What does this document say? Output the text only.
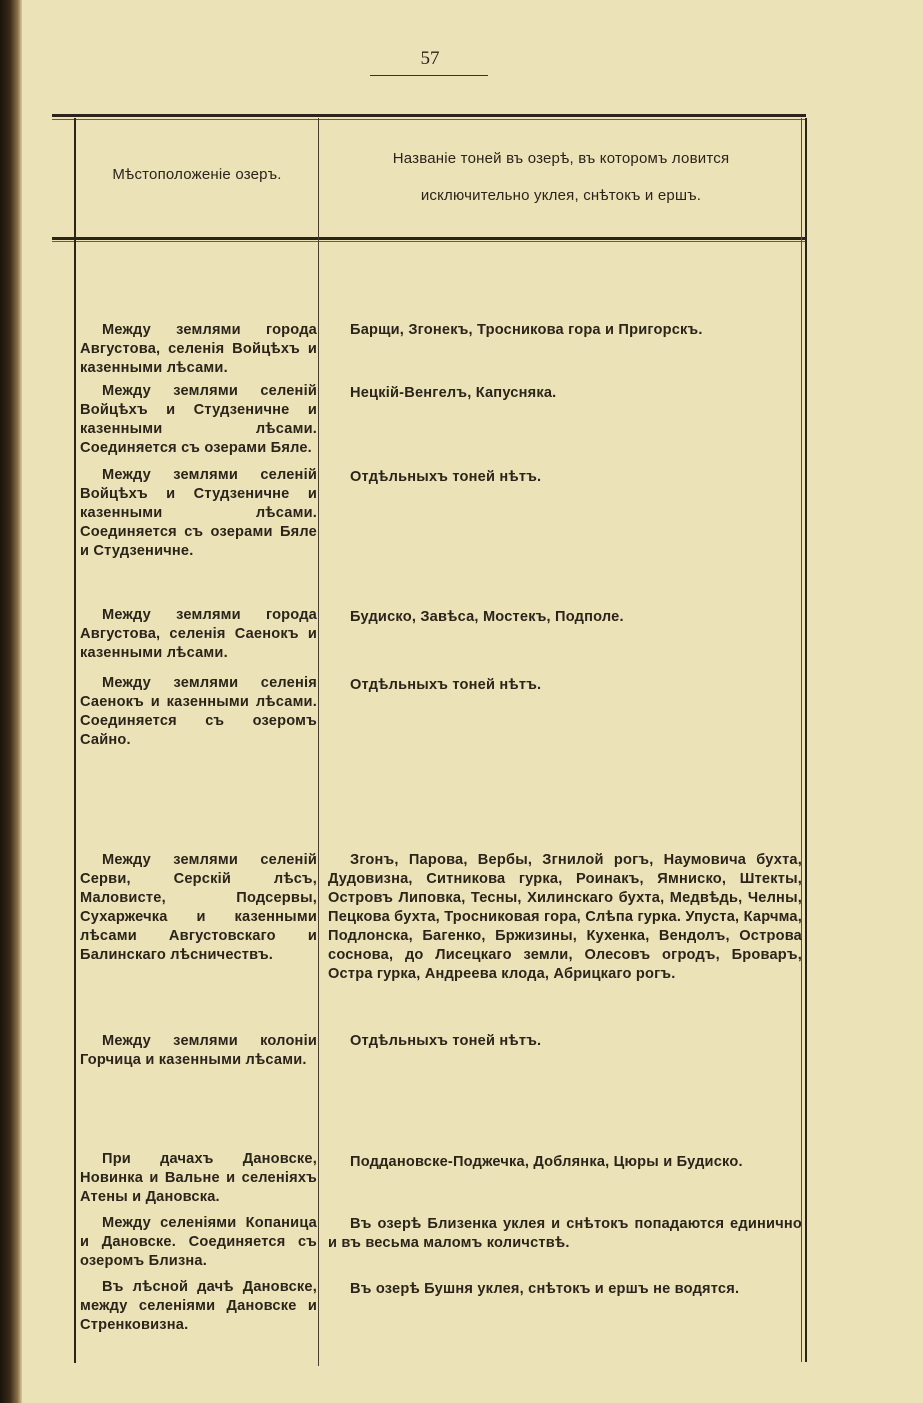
57
Мѣстоположеніе озеръ.
Названіе тоней въ озерѣ, въ которомъ ловится
исключительно уклея, снѣтокъ и ершъ.
Между землями города Августова, селенія Войцѣхъ и казенными лѣсами.
Барщи, Згонекъ, Тросникова гора и Пригорскъ.
Между землями селеній Войцѣхъ и Студзеничне и казенными лѣсами. Соединяется съ озерами Бяле.
Нецкій-Венгелъ, Капусняка.
Между землями селеній Войцѣхъ и Студзеничне и казенными лѣсами. Соединяется съ озерами Бяле и Студзеничне.
Отдѣльныхъ тоней нѣтъ.
Между землями города Августова, селенія Саенокъ и казенными лѣсами.
Будиско, Завѣса, Мостекъ, Подполе.
Между землями селенія Саенокъ и казенными лѣсами. Соединяется съ озеромъ Сайно.
Отдѣльныхъ тоней нѣтъ.
Между землями селеній Серви, Серскій лѣсъ, Маловисте, Подсервы, Сухаржечка и казенными лѣсами Августовскаго и Балинскаго лѣсничествъ.
Згонъ, Парова, Вербы, Згнилой рогъ, Наумовича бухта, Дудовизна, Ситникова гурка, Роинакъ, Ямниско, Штекты, Островъ Липовка, Тесны, Хилинскаго бухта, Медвѣдь, Челны, Пецкова бухта, Тросниковая гора, Слѣпа гурка. Упуста, Карчма, Подлонска, Багенко, Бржизины, Кухенка, Вендолъ, Острова соснова, до Лисецкаго земли, Олесовъ огродъ, Броваръ, Остра гурка, Андреева клода, Абрицкаго рогъ.
Между землями колоніи Горчица и казенными лѣсами.
Отдѣльныхъ тоней нѣтъ.
При дачахъ Дановске, Новинка и Вальне и селеніяхъ Атены и Дановска.
Поддановске-Поджечка, Доблянка, Цюры и Будиско.
Между селеніями Копаница и Дановске. Соединяется съ озеромъ Близна.
Въ озерѣ Близенка уклея и снѣтокъ попадаются единично и въ весьма маломъ количствѣ.
Въ лѣсной дачѣ Дановске, между селеніями Дановске и Стренковизна.
Въ озерѣ Бушня уклея, снѣтокъ и ершъ не водятся.
